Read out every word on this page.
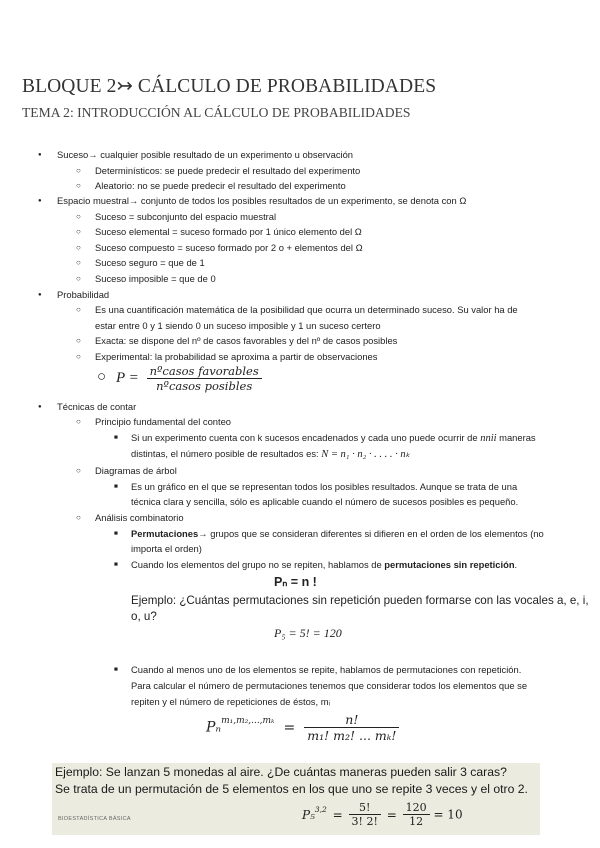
BLOQUE 2↣ CÁLCULO DE PROBABILIDADES
TEMA 2: INTRODUCCIÓN AL CÁLCULO DE PROBABILIDADES
● Suceso→ cualquier posible resultado de un experimento u observación
○ Determinísticos: se puede predecir el resultado del experimento
○ Aleatorio: no se puede predecir el resultado del experimento
● Espacio muestral→ conjunto de todos los posibles resultados de un experimento, se denota con Ω
○ Suceso = subconjunto del espacio muestral
○ Suceso elemental = suceso formado por 1 único elemento del Ω
○ Suceso compuesto = suceso formado por 2 o + elementos del Ω
○ Suceso seguro = que de 1
○ Suceso imposible = que de 0
● Probabilidad
○ Es una cuantificación matemática de la posibilidad que ocurra un determinado suceso. Su valor ha de
estar entre 0 y 1 siendo 0 un suceso imposible y 1 un suceso certero
○ Exacta: se dispone del nº de casos favorables y del nº de casos posibles
○ Experimental: la probabilidad se aproxima a partir de observaciones
○ $P = \frac{\text{nºcasos favorables}}{\text{nºcasos posibles}}$
● Técnicas de contar
○ Principio fundamental del conteo
■ Si un experimento cuenta con k sucesos encadenados y cada uno puede ocurrir de nnii maneras
distintas, el número posible de resultados es: N = n₁ · n₂ · . . . . · nₖ
○ Diagramas de árbol
■ Es un gráfico en el que se representan todos los posibles resultados. Aunque se trata de una
técnica clara y sencilla, sólo es aplicable cuando el número de sucesos posibles es pequeño.
○ Análisis combinatorio
■ Permutaciones→ grupos que se consideran diferentes si difieren en el orden de los elementos (no
importa el orden)
■ Cuando los elementos del grupo no se repiten, hablamos de permutaciones sin repetición.
Pₙ = n !
Ejemplo: ¿Cuántas permutaciones sin repetición pueden formarse con las vocales a, e, i,
o, u?
P₅ = 5! = 120
■ Cuando al menos uno de los elementos se repite, hablamos de permutaciones con repetición.
Para calcular el número de permutaciones tenemos que considerar todos los elementos que se
repiten y el número de repeticiones de éstos, mᵢ
$P_n^{m_1,m_2,...,m_k} = \frac{n!}{\text{m₁! m₂! ... mₖ!}}$
Ejemplo: Se lanzan 5 monedas al aire. ¿De cuántas maneras pueden salir 3 caras?
Se trata de un permutación de 5 elementos en los que uno se repite 3 veces y el otro 2.
BIOESTADÍSTICA BÁSICA	$P_5^{3,2} = \frac{5!}{3! 2!} = \frac{120}{12} = 10$
